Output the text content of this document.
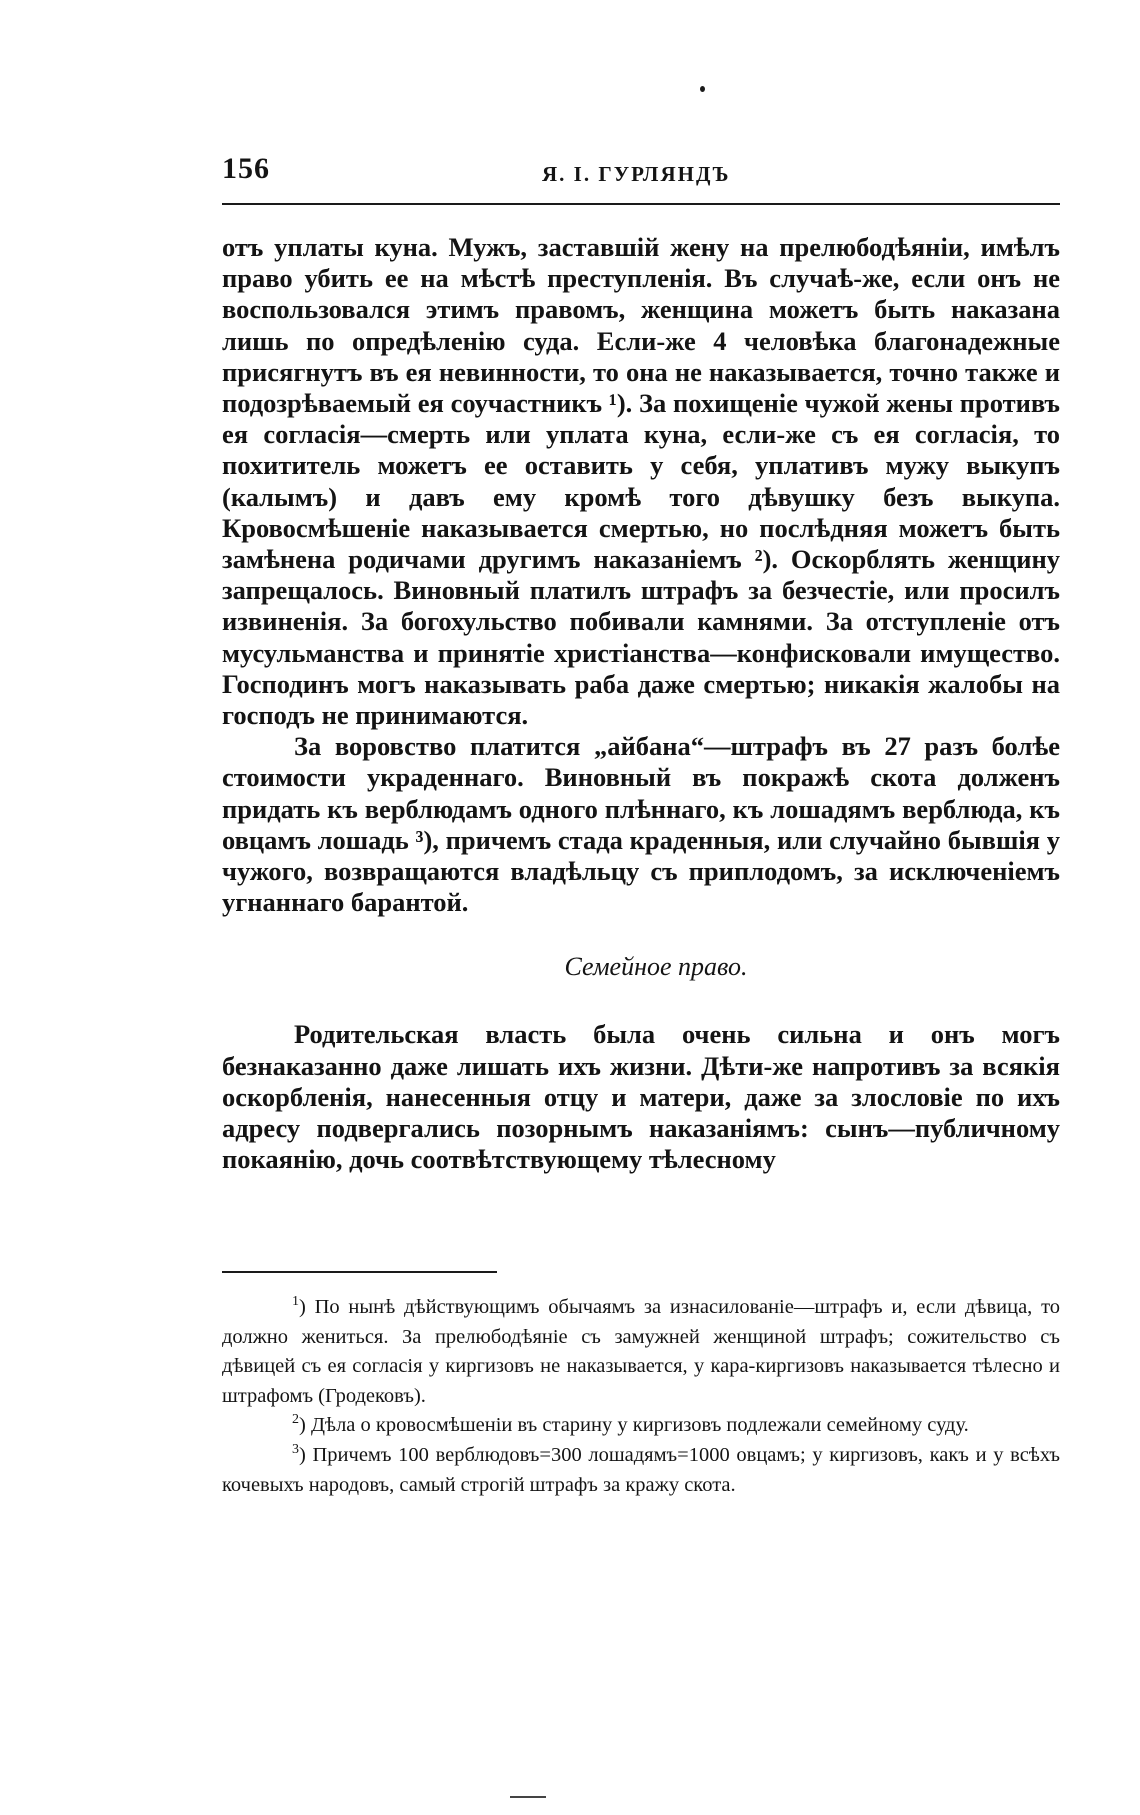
156	Я. І. ГУРЛЯНДЪ

отъ уплаты куна. Мужъ, заставшій жену на прелюбодѣяніи, имѣлъ право убить ее на мѣстѣ преступленія. Въ случаѣ-же, если онъ не воспользовался этимъ правомъ, женщина можетъ быть наказана лишь по опредѣленію суда. Если-же 4 человѣка благонадежные присягнутъ въ ея невинности, то она не наказывается, точно также и подозрѣваемый ея соучастникъ ¹). За похищеніе чужой жены противъ ея согласія—смерть или уплата куна, если-же съ ея согласія, то похититель можетъ ее оставить у себя, уплативъ мужу выкупъ (калымъ) и давъ ему кромѣ того дѣвушку безъ выкупа. Кровосмѣшеніе наказывается смертью, но послѣдняя можетъ быть замѣнена родичами другимъ наказаніемъ ²). Оскорблять женщину запрещалось. Виновный платилъ штрафъ за безчестіе, или просилъ извиненія. За богохульство побивали камнями. За отступленіе отъ мусульманства и принятіе христіанства—конфисковали имущество. Господинъ могъ наказывать раба даже смертью; никакія жалобы на господъ не принимаются.

За воровство платится „айбана“—штрафъ въ 27 разъ болѣе стоимости украденнаго. Виновный въ покражѣ скота долженъ придать къ верблюдамъ одного плѣннаго, къ лошадямъ верблюда, къ овцамъ лошадь ³), причемъ стада краденныя, или случайно бывшія у чужого, возвращаются владѣльцу съ приплодомъ, за исключеніемъ угнаннаго барантой.

Семейное право.

Родительская власть была очень сильна и онъ могъ безнаказанно даже лишать ихъ жизни. Дѣти-же напротивъ за всякія оскорбленія, нанесенныя отцу и матери, даже за злословіе по ихъ адресу подвергались позорнымъ наказаніямъ: сынъ—публичному покаянію, дочь соотвѣтствующему тѣлесному

$^1$) По нынѣ дѣйствующимъ обычаямъ за изнасилованіе—штрафъ и, если дѣвица, то должно жениться. За прелюбодѣяніе съ замужней женщиной штрафъ; сожительство съ дѣвицей съ ея согласія у киргизовъ не наказывается, у кара-киргизовъ наказывается тѣлесно и штрафомъ (Гродековъ).

$^2$) Дѣла о кровосмѣшеніи въ старину у киргизовъ подлежали семейному суду.

$^3$) Причемъ 100 верблюдовъ=300 лошадямъ=1000 овцамъ; у киргизовъ, какъ и у всѣхъ кочевыхъ народовъ, самый строгій штрафъ за кражу скота.
